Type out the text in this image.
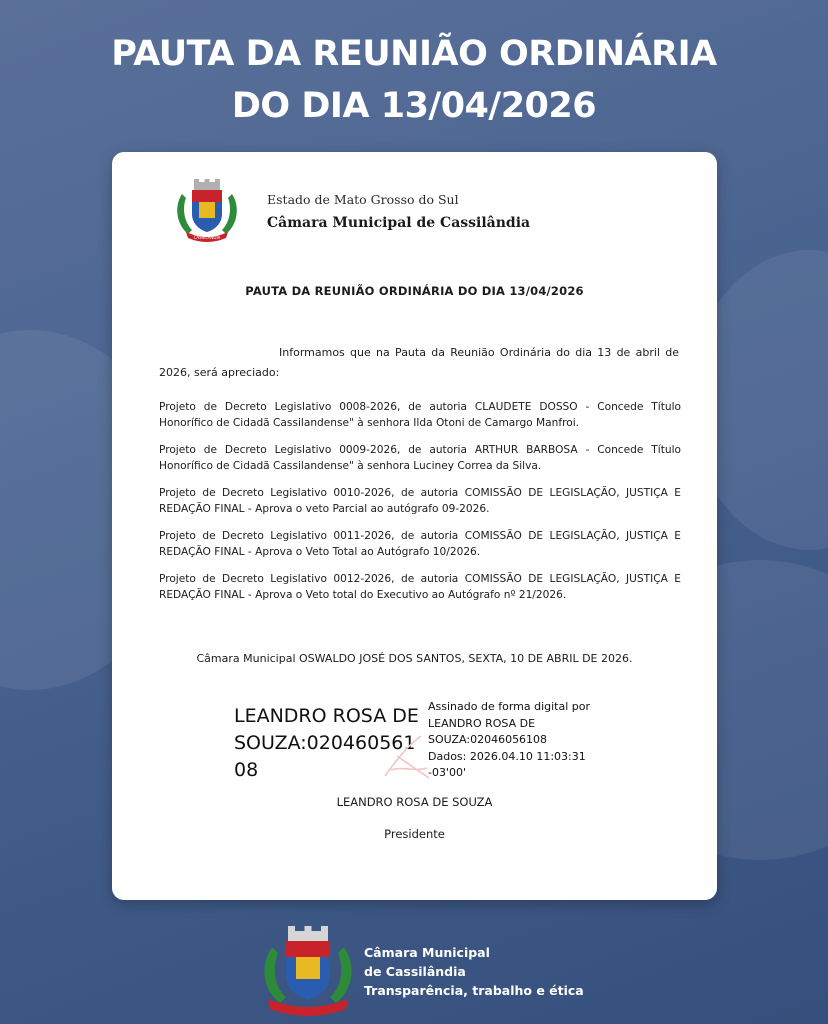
PAUTA DA REUNIÃO ORDINÁRIA
DO DIA 13/04/2026
CASSILÂNDIA
Estado de Mato Grosso do Sul
Câmara Municipal de Cassilândia
PAUTA DA REUNIÃO ORDINÁRIA DO DIA 13/04/2026
Informamos que na Pauta da Reunião Ordinária do dia 13 de abril de 2026, será apreciado:

Projeto de Decreto Legislativo 0008-2026, de autoria CLAUDETE DOSSO - Concede Título Honorífico de Cidadã Cassilandense" à senhora Ilda Otoni de Camargo Manfroi.

Projeto de Decreto Legislativo 0009-2026, de autoria ARTHUR BARBOSA - Concede Título Honorífico de Cidadã Cassilandense" à senhora Luciney Correa da Silva.

Projeto de Decreto Legislativo 0010-2026, de autoria COMISSÃO DE LEGISLAÇÃO, JUSTIÇA E REDAÇÃO FINAL - Aprova o veto Parcial ao autógrafo 09-2026.

Projeto de Decreto Legislativo 0011-2026, de autoria COMISSÃO DE LEGISLAÇÃO, JUSTIÇA E REDAÇÃO FINAL - Aprova o Veto Total ao Autógrafo 10/2026.

Projeto de Decreto Legislativo 0012-2026, de autoria COMISSÃO DE LEGISLAÇÃO, JUSTIÇA E REDAÇÃO FINAL - Aprova o Veto total do Executivo ao Autógrafo nº 21/2026.

Câmara Municipal OSWALDO JOSÉ DOS SANTOS, SEXTA, 10 DE ABRIL DE 2026.
LEANDRO ROSA DE
SOUZA:020460561
08
Assinado de forma digital por
LEANDRO ROSA DE
SOUZA:02046056108
Dados: 2026.04.10 11:03:31
-03'00'
LEANDRO ROSA DE SOUZA
Presidente
Câmara Municipal
de Cassilândia
Transparência, trabalho e ética
